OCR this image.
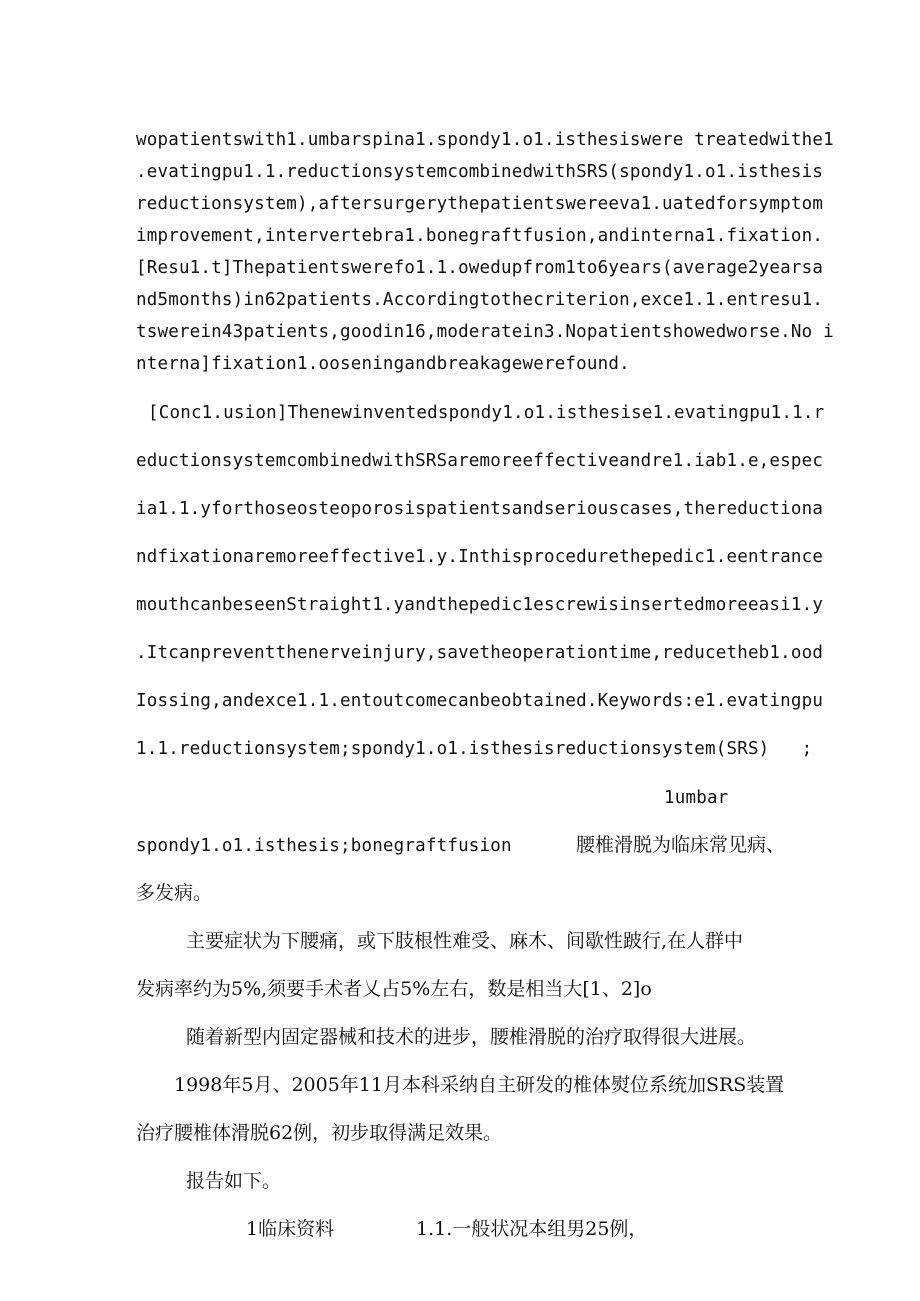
wopatientswith1.umbarspina1.spondy1.o1.isthesiswere treatedwithe1
.evatingpu1.1.reductionsystemcombinedwithSRS(spondy1.o1.isthesis
reductionsystem),aftersurgerythepatientswereeva1.uatedforsymptom
improvement,intervertebra1.bonegraftfusion,andinterna1.fixation.
[Resu1.t]Thepatientswerefo1.1.owedupfrom1to6years(average2yearsa
nd5months)in62patients.Accordingtothecriterion,exce1.1.entresu1.
tswerein43patients,goodin16,moderatein3.Nopatientshowedworse.No i
nterna]fixation1.ooseningandbreakagewerefound.
[Conc1.usion]Thenewinventedspondy1.o1.isthesise1.evatingpu1.1.r
eductionsystemcombinedwithSRSaremoreeffectiveandre1.iab1.e,espec
ia1.1.yforthoseosteoporosispatientsandseriouscases,thereductiona
ndfixationaremoreeffective1.y.Inthisprocedurethepedic1.eentrance
mouthcanbeseenStraight1.yandthepedic1escrewisinsertedmoreeasi1.y
.Itcanpreventthenerveinjury,savetheoperationtime,reducetheb1.ood
Iossing,andexce1.1.entoutcomecanbeobtained.Keywords:e1.evatingpu
1.1.reductionsystem;spondy1.o1.isthesisreductionsystem(SRS)   ;
1umbar
spondy1.o1.isthesis;bonegraftfusion	腰椎滑脱为临床常见病、
多发病。
主要症状为下腰痛，或下肢根性难受、麻木、间歇性跛行,在人群中
发病率约为5%,须要手术者乂占5%左右，数是相当大[1、2]o
随着新型内固定器械和技术的进步，腰椎滑脱的治疗取得很大进展。
1998年5月、2005年11月本科采纳自主研发的椎体熨位系统加SRS装置
治疗腰椎体滑脱62例，初步取得满足效果。
报告如下。
1临床资料	1.1.一般状况本组男25例，
